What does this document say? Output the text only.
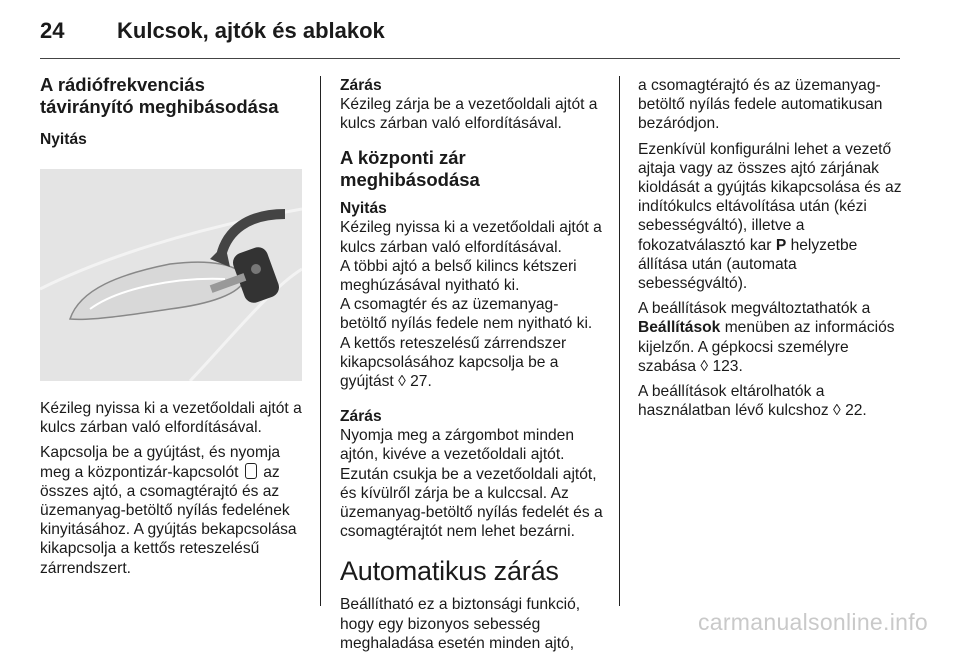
24	Kulcsok, ajtók és ablakok
A rádiófrekvenciás távirányító meghibásodása
Nyitás

Kézileg nyissa ki a vezetőoldali ajtót a kulcs zárban való elfordításával.

Kapcsolja be a gyújtást, és nyomja meg a központizár-kapcsolót az összes ajtó, a csomagtérajtó és az üzemanyag-betöltő nyílás fedelének kinyitásához. A gyújtás bekapcsolása kikapcsolja a kettős reteszelésű zárrendszert.

Zárás

Kézileg zárja be a vezetőoldali ajtót a kulcs zárban való elfordításával.

A központi zár meghibásodása
Nyitás

Kézileg nyissa ki a vezetőoldali ajtót a kulcs zárban való elfordításával.

A többi ajtó a belső kilincs kétszeri meghúzásával nyitható ki.

A csomagtér és az üzemanyag-betöltő nyílás fedele nem nyitható ki.

A kettős reteszelésű zárrendszer kikapcsolásához kapcsolja be a gyújtást ◊ 27.

Zárás

Nyomja meg a zárgombot minden ajtón, kivéve a vezetőoldali ajtót.

Ezután csukja be a vezetőoldali ajtót, és kívülről zárja be a kulccsal. Az üzemanyag-betöltő nyílás fedelét és a csomagtérajtót nem lehet bezárni.

Automatikus zárás

Beállítható ez a biztonsági funkció, hogy egy bizonyos sebesség meghaladása esetén minden ajtó,

a csomagtérajtó és az üzemanyag-betöltő nyílás fedele automatikusan bezáródjon.

Ezenkívül konfigurálni lehet a vezető ajtaja vagy az összes ajtó zárjának kioldását a gyújtás kikapcsolása és az indítókulcs eltávolítása után (kézi sebességváltó), illetve a fokozatválasztó kar P helyzetbe állítása után (automata sebességváltó).

A beállítások megváltoztathatók a Beállítások menüben az információs kijelzőn. A gépkocsi személyre szabása ◊ 123.

A beállítások eltárolhatók a használatban lévő kulcshoz ◊ 22.

carmanualsonline.info
